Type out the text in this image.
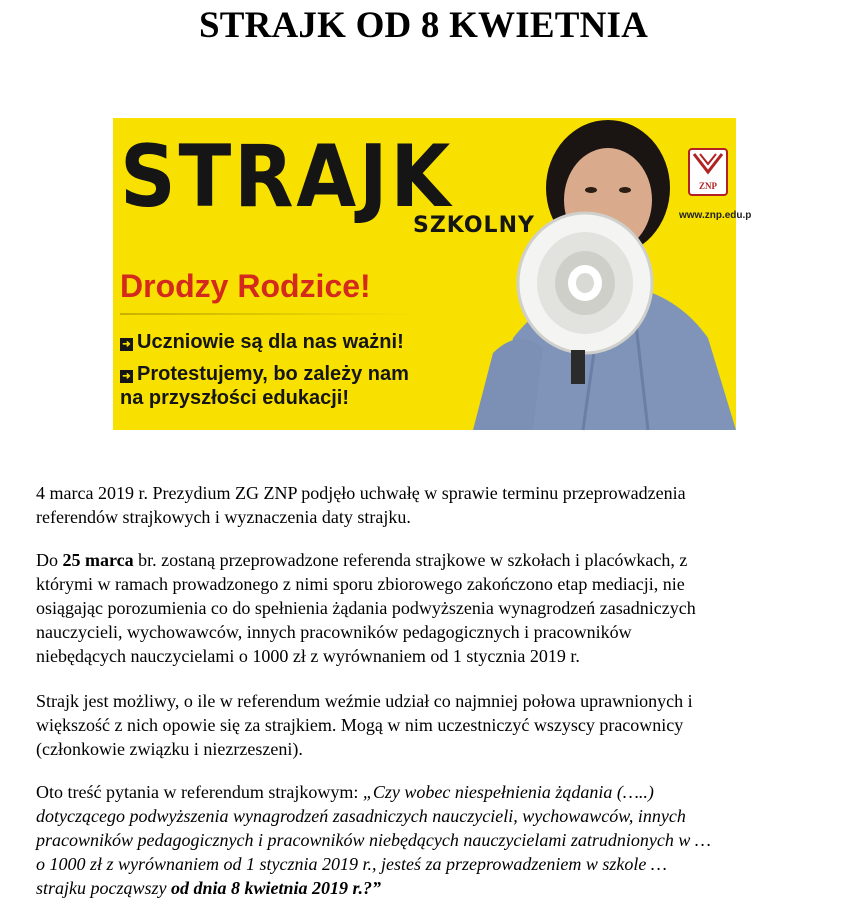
STRAJK OD 8 KWIETNIA
STRAJK
SZKOLNY
Drodzy Rodzice!
➜ Uczniowie są dla nas ważni!
➜ Protestujemy, bo zależy nam
na przyszłości edukacji!
ZNP
www.znp.edu.p
4 marca 2019 r. Prezydium ZG ZNP podjęło uchwałę w sprawie terminu przeprowadzenia
referendów strajkowych i wyznaczenia daty strajku.
Do 25 marca br. zostaną przeprowadzone referenda strajkowe w szkołach i placówkach, z
którymi w ramach prowadzonego z nimi sporu zbiorowego zakończono etap mediacji, nie
osiągając porozumienia co do spełnienia żądania podwyższenia wynagrodzeń zasadniczych
nauczycieli, wychowawców, innych pracowników pedagogicznych i pracowników
niebędących nauczycielami o 1000 zł z wyrównaniem od 1 stycznia 2019 r.
Strajk jest możliwy, o ile w referendum weźmie udział co najmniej połowa uprawnionych i
większość z nich opowie się za strajkiem. Mogą w nim uczestniczyć wszyscy pracownicy
(członkowie związku i niezrzeszeni).
Oto treść pytania w referendum strajkowym: „Czy wobec niespełnienia żądania (…..)
dotyczącego podwyższenia wynagrodzeń zasadniczych nauczycieli, wychowawców, innych
pracowników pedagogicznych i pracowników niebędących nauczycielami zatrudnionych w …
o 1000 zł z wyrównaniem od 1 stycznia 2019 r., jesteś za przeprowadzeniem w szkole …
strajku począwszy od dnia 8 kwietnia 2019 r.?”
